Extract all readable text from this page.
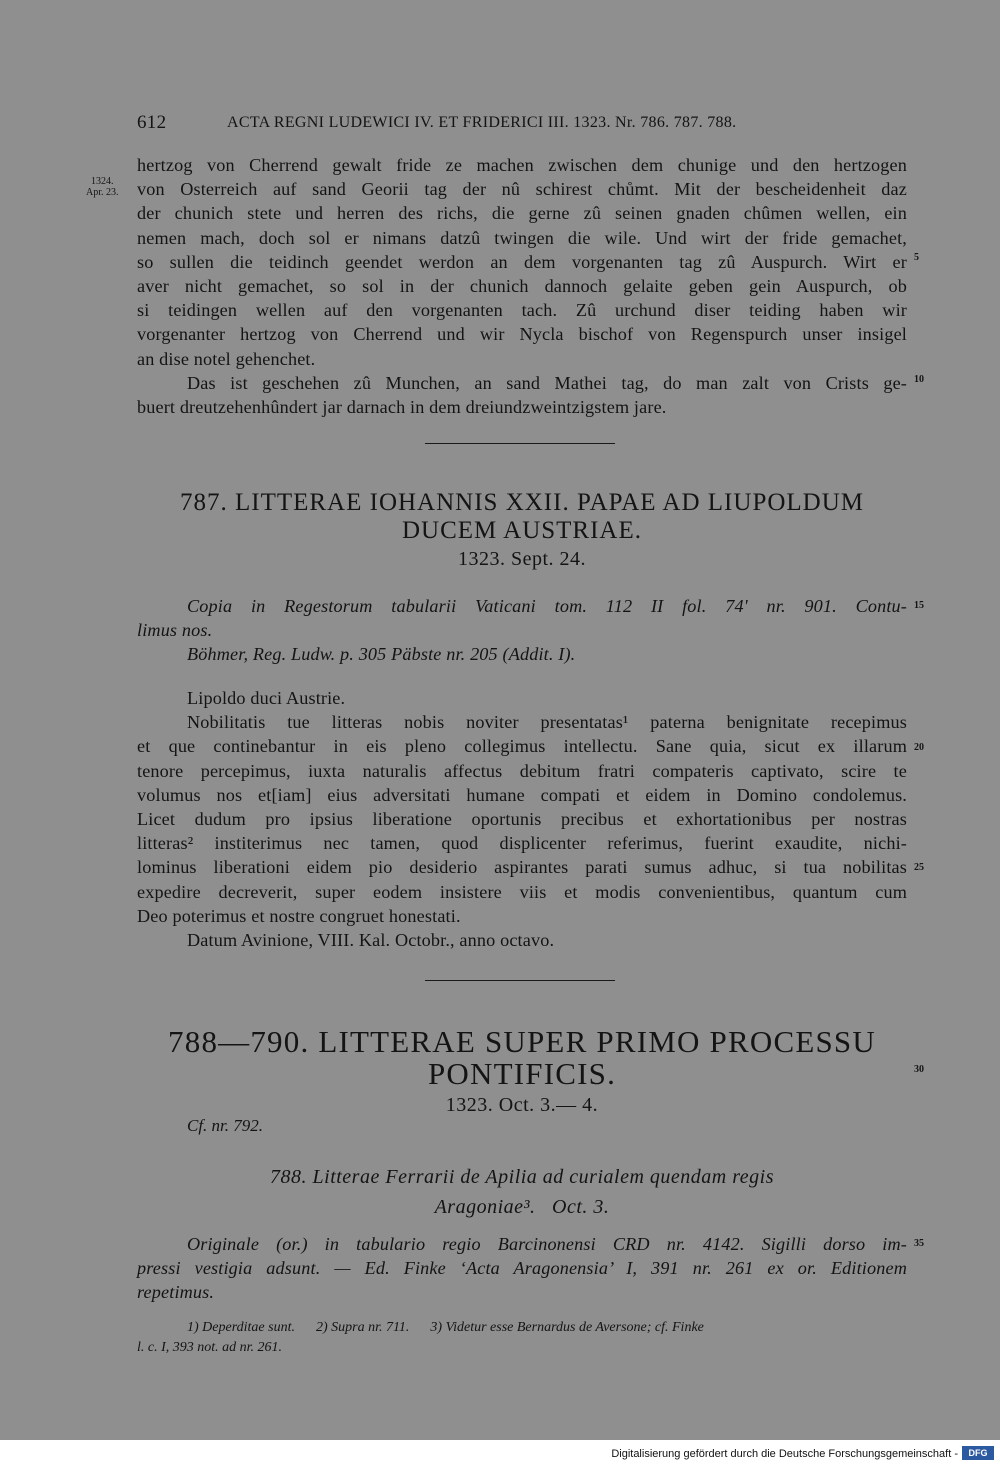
612	ACTA REGNI LUDEWICI IV. ET FRIDERICI III. 1323. Nr. 786. 787. 788.
1324.
Apr. 23.
hertzog von Cherrend gewalt fride ze machen zwischen dem chunige und den hertzogen
von Osterreich auf sand Georii tag der nû schirest chůmt. Mit der bescheidenheit daz
der chunich stete und herren des richs, die gerne zû seinen gnaden chûmen wellen, ein
nemen mach, doch sol er nimans datzû twingen die wile. Und wirt der fride gemachet,
so sullen die teidinch geendet werdon an dem vorgenanten tag zû Auspurch. Wirt er
aver nicht gemachet, so sol in der chunich dannoch gelaite geben gein Auspurch, ob
si teidingen wellen auf den vorgenanten tach. Zû urchund diser teiding haben wir
vorgenanter hertzog von Cherrend und wir Nycla bischof von Regenspurch unser insigel
an dise notel gehenchet.
Das ist geschehen zû Munchen, an sand Mathei tag, do man zalt von Crists ge-
buert dreutzehenhûndert jar darnach in dem dreiundzweintzigstem jare.
787. LITTERAE IOHANNIS XXII. PAPAE AD LIUPOLDUM
DUCEM AUSTRIAE.
1323. Sept. 24.
Copia in Regestorum tabularii Vaticani tom. 112 II fol. 74' nr. 901. Contu-
limus nos.
Böhmer, Reg. Ludw. p. 305 Päbste nr. 205 (Addit. I).
Lipoldo duci Austrie.
Nobilitatis tue litteras nobis noviter presentatas¹ paterna benignitate recepimus
et que continebantur in eis pleno collegimus intellectu. Sane quia, sicut ex illarum
tenore percepimus, iuxta naturalis affectus debitum fratri compateris captivato, scire te
volumus nos et[iam] eius adversitati humane compati et eidem in Domino condolemus.
Licet dudum pro ipsius liberatione oportunis precibus et exhortationibus per nostras
litteras² institerimus nec tamen, quod displicenter referimus, fuerint exaudite, nichi-
lominus liberationi eidem pio desiderio aspirantes parati sumus adhuc, si tua nobilitas
expedire decreverit, super eodem insistere viis et modis convenientibus, quantum cum
Deo poterimus et nostre congruet honestati.
Datum Avinione, VIII. Kal. Octobr., anno octavo.
788—790. LITTERAE SUPER PRIMO PROCESSU
PONTIFICIS.
1323. Oct. 3.— 4.
Cf. nr. 792.
788. Litterae Ferrarii de Apilia ad curialem quendam regis
Aragoniae³.   Oct. 3.
Originale (or.) in tabulario regio Barcinonensi CRD nr. 4142. Sigilli dorso im-
pressi vestigia adsunt. — Ed. Finke ‘Acta Aragonensia’ I, 391 nr. 261 ex or. Editionem
repetimus.
1) Deperditae sunt.      2) Supra nr. 711.      3) Videtur esse Bernardus de Aversone; cf. Finke
l. c. I, 393 not. ad nr. 261.
5
10
15
20
25
30
35
Digitalisierung gefördert durch die Deutsche Forschungsgemeinschaft -	DFG
